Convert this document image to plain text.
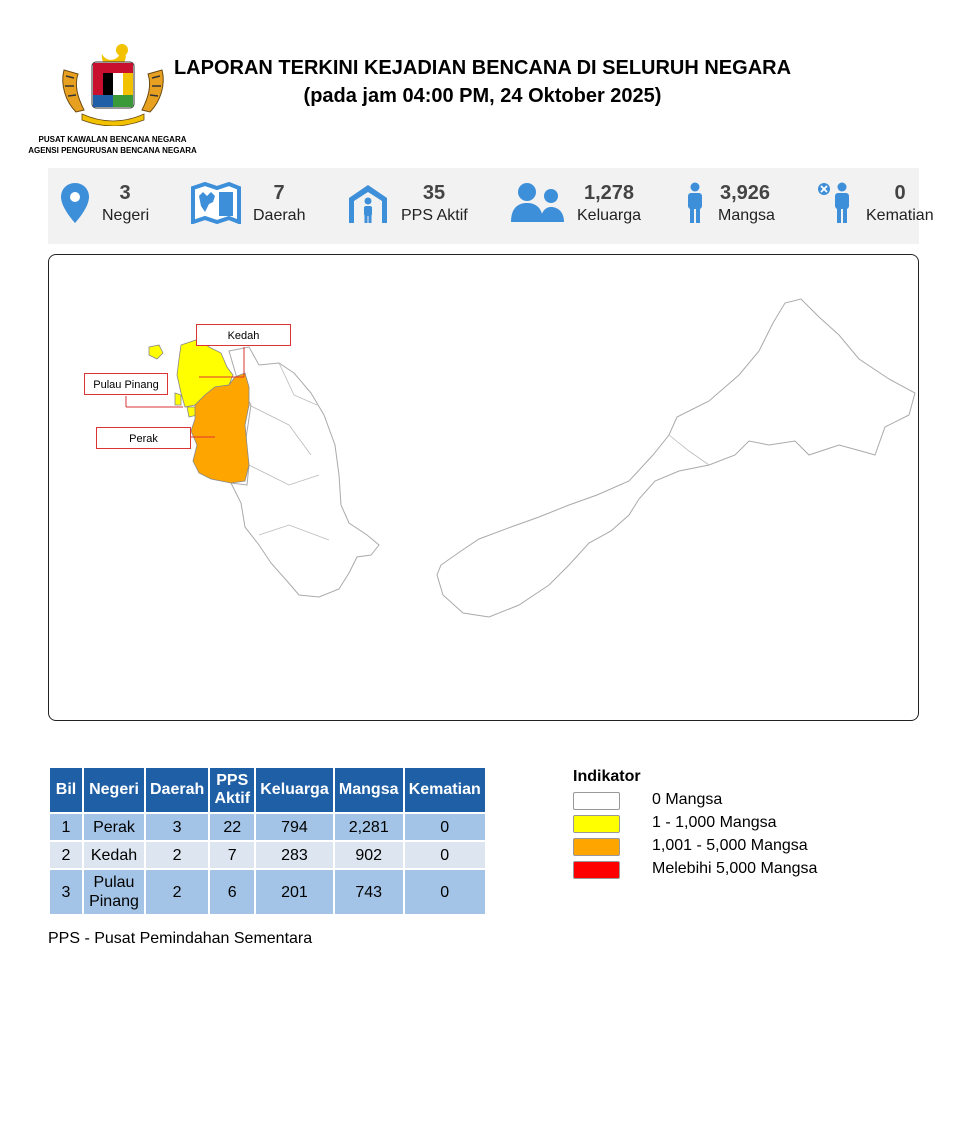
PUSAT KAWALAN BENCANA NEGARA
AGENSI PENGURUSAN BENCANA NEGARA
LAPORAN TERKINI KEJADIAN BENCANA DI SELURUH NEGARA
(pada jam 04:00 PM, 24 Oktober 2025)
3
Negeri
7
Daerah
35
PPS Aktif
1,278
Keluarga
3,926
Mangsa
0
Kematian
Kedah
Pulau Pinang
Perak
Bil	Negeri	Daerah	PPS Aktif	Keluarga	Mangsa	Kematian
1	Perak	3	22	794	2,281	0
2	Kedah	2	7	283	902	0
3	Pulau Pinang	2	6	201	743	0
PPS - Pusat Pemindahan Sementara
Indikator
0 Mangsa
1 - 1,000 Mangsa
1,001 - 5,000 Mangsa
Melebihi 5,000 Mangsa
